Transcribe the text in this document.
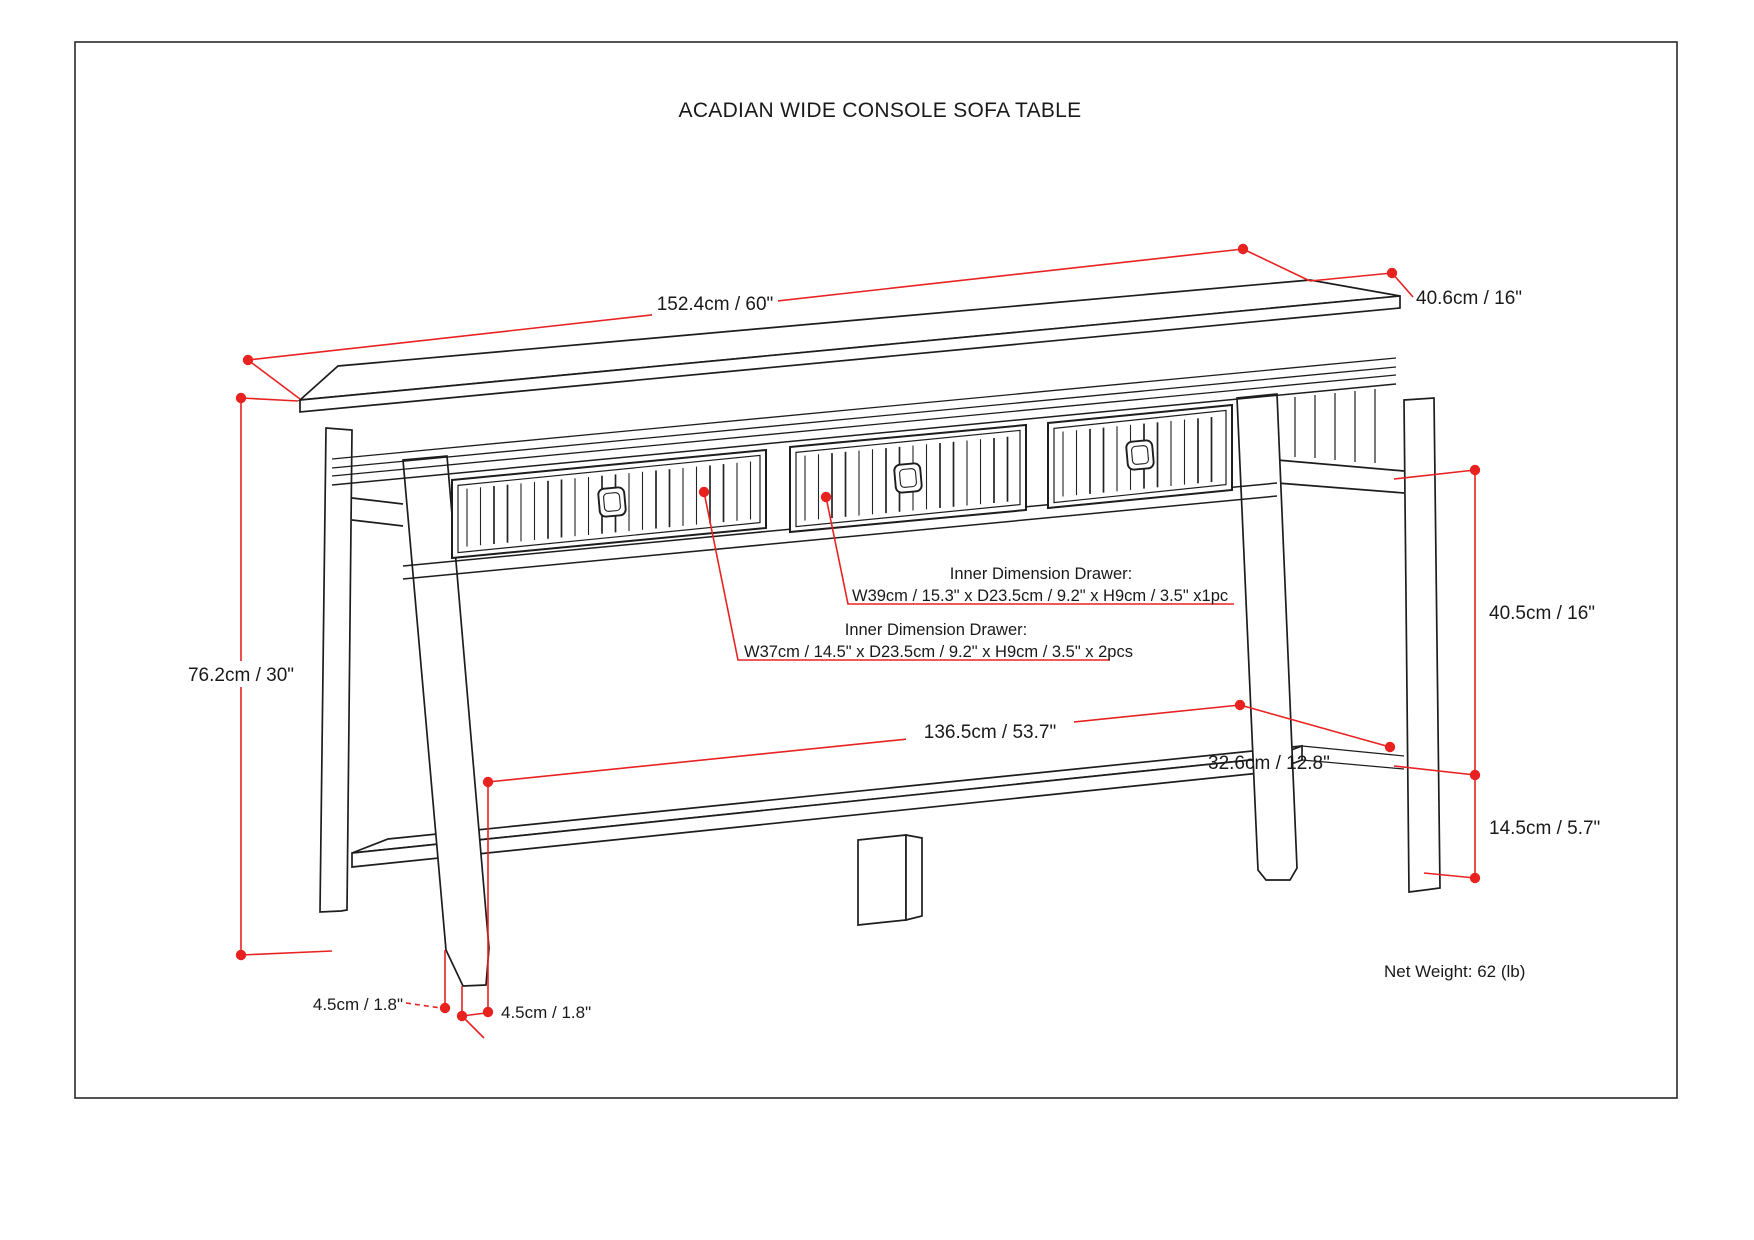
ACADIAN WIDE CONSOLE SOFA TABLE
152.4cm / 60"	40.6cm / 16"
76.2cm / 30"
40.5cm / 16"
136.5cm / 53.7"
32.6cm / 12.8"
14.5cm / 5.7"
4.5cm / 1.8"	4.5cm / 1.8"
Inner Dimension Drawer:
W39cm / 15.3" x D23.5cm / 9.2" x H9cm / 3.5" x1pc
Inner Dimension Drawer:
W37cm / 14.5" x D23.5cm / 9.2" x H9cm / 3.5" x 2pcs
Net Weight: 62 (lb)
